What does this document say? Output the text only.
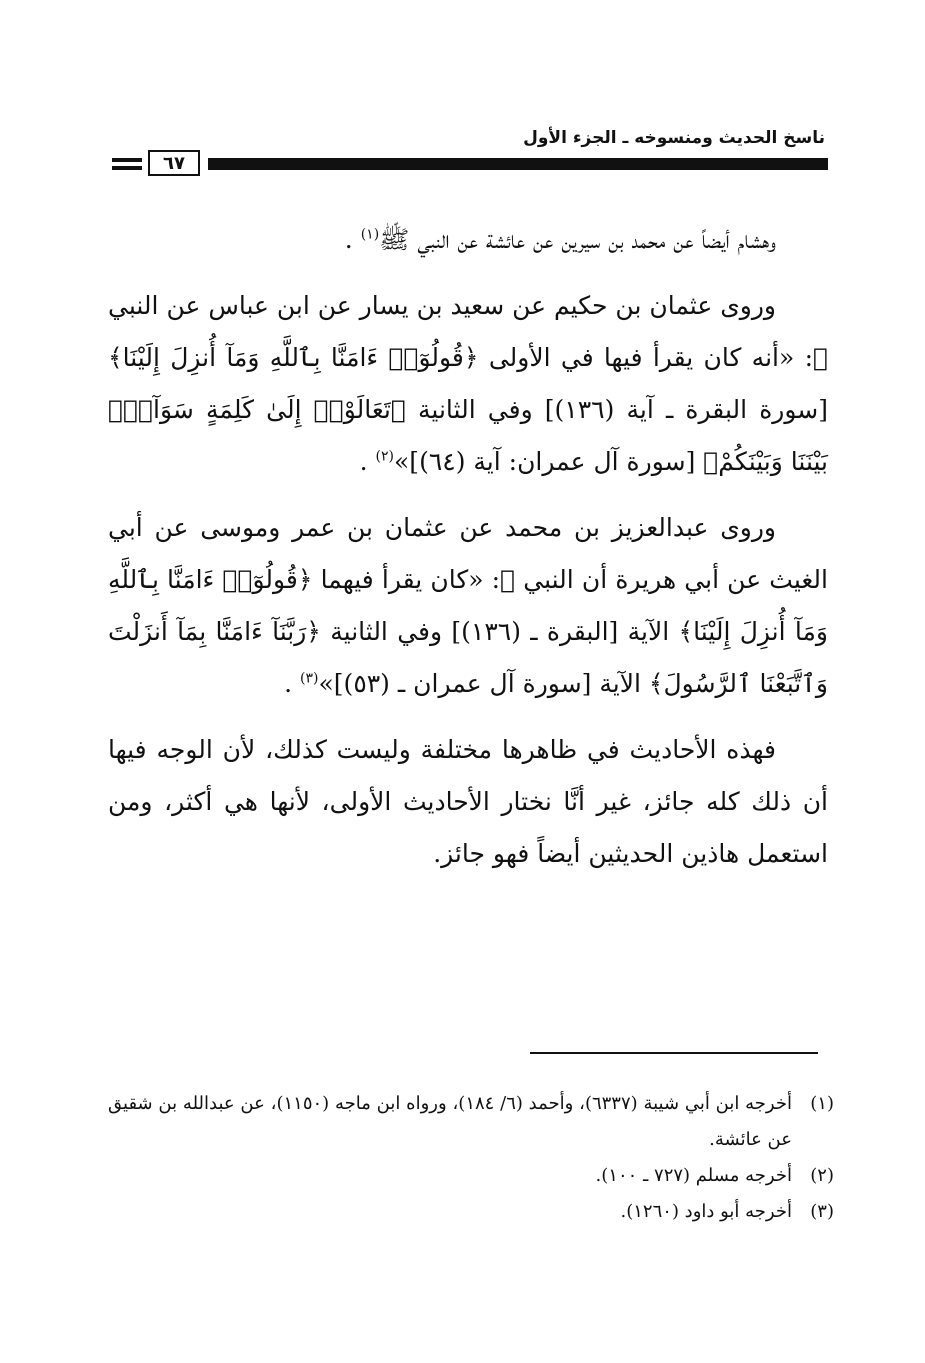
ناسخ الحديث ومنسوخه ـ الجزء الأول
٦٧

وهشام أيضاً عن محمد بن سيرين عن عائشة عن النبي ﷺ$^{(١)}$ .

وروى عثمان بن حكيم عن سعيد بن يسار عن ابن عباس عن النبي ﷺ: «أنه كان يقرأ فيها في الأولى ﴿قُولُوٓا۟ ءَامَنَّا بِٱللَّهِ وَمَآ أُنزِلَ إِلَيْنَا﴾ [سورة البقرة ـ آية (١٣٦)] وفي الثانية ﴿تَعَالَوْا۟ إِلَىٰ كَلِمَةٍ سَوَآءٍۭ بَيْنَنَا وَبَيْنَكُمْ﴾ [سورة آل عمران: آية (٦٤)]»$^{(٢)}$ .

وروى عبدالعزيز بن محمد عن عثمان بن عمر وموسى عن أبي الغيث عن أبي هريرة أن النبي ﷺ: «كان يقرأ فيهما ﴿قُولُوٓا۟ ءَامَنَّا بِٱللَّهِ وَمَآ أُنزِلَ إِلَيْنَا﴾ الآية [البقرة ـ (١٣٦)] وفي الثانية ﴿رَبَّنَآ ءَامَنَّا بِمَآ أَنزَلْتَ وَٱتَّبَعْنَا ٱلرَّسُولَ﴾ الآية [سورة آل عمران ـ (٥٣)]»$^{(٣)}$ .

فهذه الأحاديث في ظاهرها مختلفة وليست كذلك، لأن الوجه فيها أن ذلك كله جائز، غير أنَّا نختار الأحاديث الأولى، لأنها هي أكثر، ومن استعمل هاذين الحديثين أيضاً فهو جائز.

(١)
أخرجه ابن أبي شيبة (٦٣٣٧)، وأحمد (٦/ ١٨٤)، ورواه ابن ماجه (١١٥٠)، عن عبدالله بن شقيق عن عائشة.
(٢)
أخرجه مسلم (٧٢٧ ـ ١٠٠).
(٣)
أخرجه أبو داود (١٢٦٠).
